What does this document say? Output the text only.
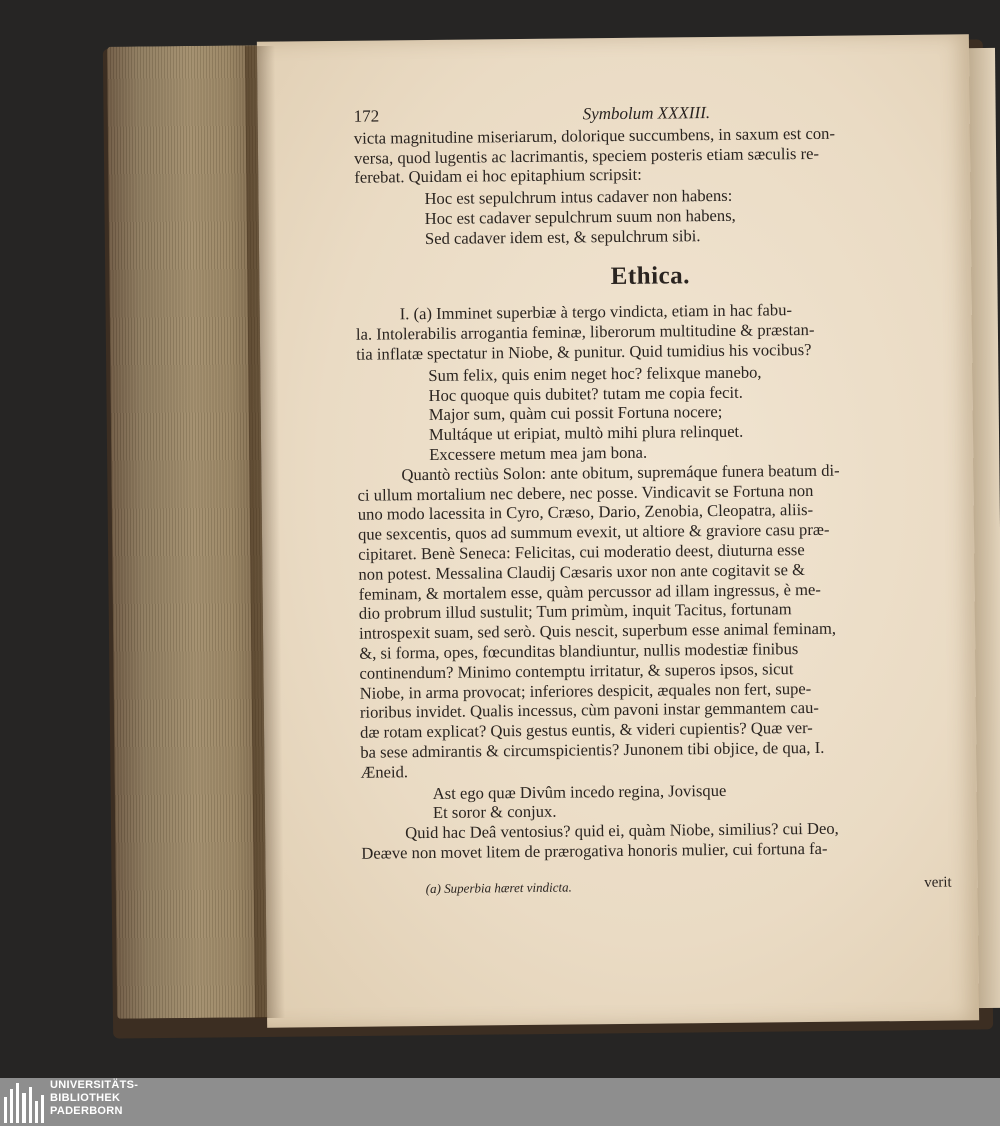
172	Symbolum XXXIII.
victa magnitudine miseriarum, dolorique succumbens, in saxum est con-
versa, quod lugentis ac lacrimantis, speciem posteris etiam sæculis re-
ferebat. Quidam ei hoc epitaphium scripsit:
Hoc est sepulchrum intus cadaver non habens:
Hoc est cadaver sepulchrum suum non habens,
Sed cadaver idem est, & sepulchrum sibi.
Ethica.
I. (a) Imminet superbiæ à tergo vindicta, etiam in hac fabu-
la. Intolerabilis arrogantia feminæ, liberorum multitudine & præstan-
tia inflatæ spectatur in Niobe, & punitur. Quid tumidius his vocibus?
Sum felix, quis enim neget hoc? felixque manebo,
Hoc quoque quis dubitet? tutam me copia fecit.
Major sum, quàm cui possit Fortuna nocere;
Multáque ut eripiat, multò mihi plura relinquet.
Excessere metum mea jam bona.
Quantò rectiùs Solon: ante obitum, supremáque funera beatum di-
ci ullum mortalium nec debere, nec posse. Vindicavit se Fortuna non
uno modo lacessita in Cyro, Cræso, Dario, Zenobia, Cleopatra, aliis-
que sexcentis, quos ad summum evexit, ut altiore & graviore casu præ-
cipitaret. Benè Seneca: Felicitas, cui moderatio deest, diuturna esse
non potest. Messalina Claudij Cæsaris uxor non ante cogitavit se &
feminam, & mortalem esse, quàm percussor ad illam ingressus, è me-
dio probrum illud sustulit; Tum primùm, inquit Tacitus, fortunam
introspexit suam, sed serò. Quis nescit, superbum esse animal feminam,
&, si forma, opes, fœcunditas blandiuntur, nullis modestiæ finibus
continendum? Minimo contemptu irritatur, & superos ipsos, sicut
Niobe, in arma provocat; inferiores despicit, æquales non fert, supe-
rioribus invidet. Qualis incessus, cùm pavoni instar gemmantem cau-
dæ rotam explicat? Quis gestus euntis, & videri cupientis? Quæ ver-
ba sese admirantis & circumspicientis? Junonem tibi objice, de qua, I.
Æneid.
Ast ego quæ Divûm incedo regina, Jovisque
Et soror & conjux.
Quid hac Deâ ventosius? quid ei, quàm Niobe, similius? cui Deo,
Deæve non movet litem de prærogativa honoris mulier, cui fortuna fa-
(a) Superbia hæret vindicta.	verit
UNIVERSITÄTS-
BIBLIOTHEK
PADERBORN
